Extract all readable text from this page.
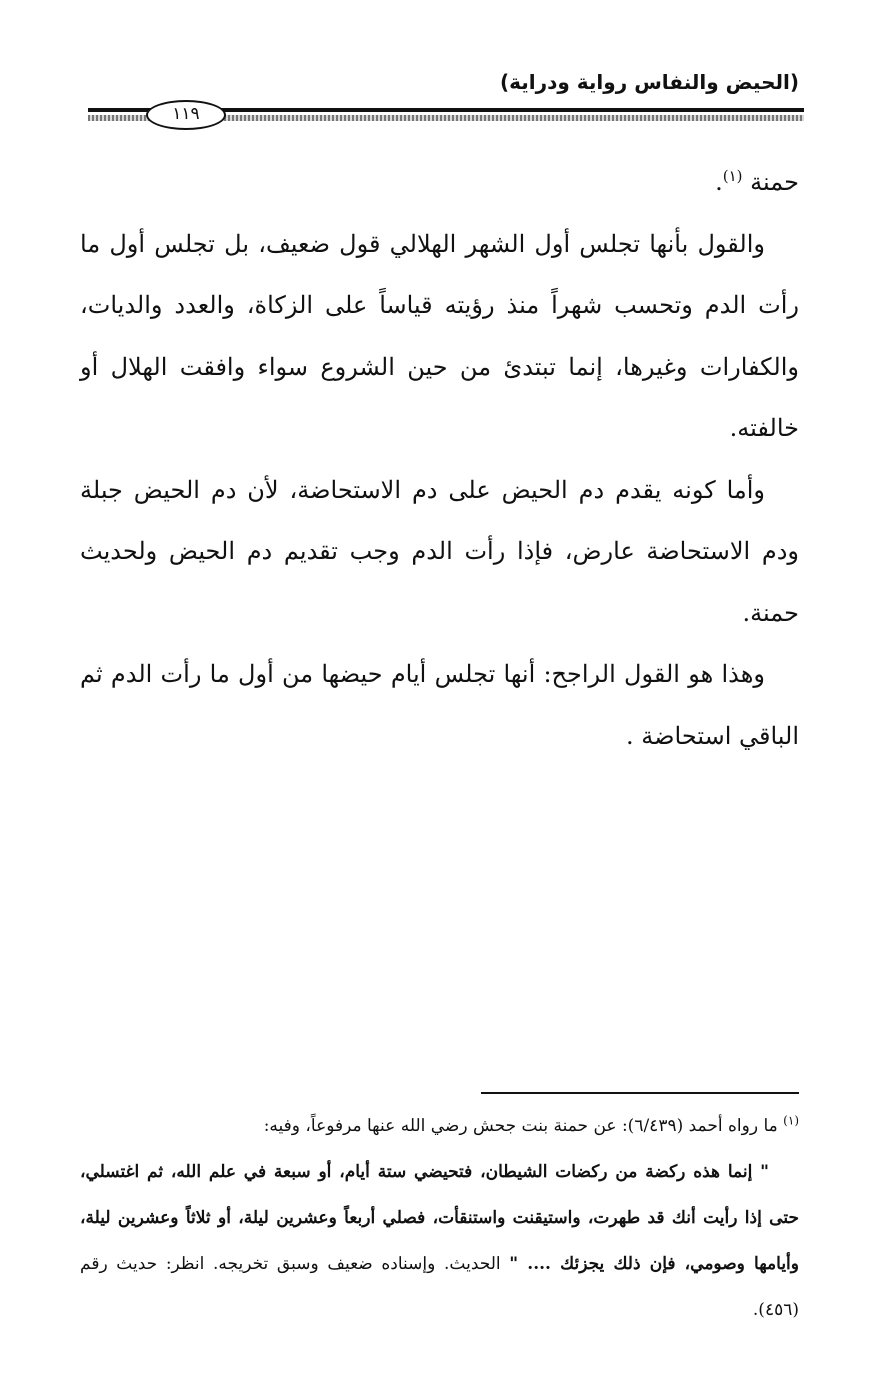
(الحيض والنفاس رواية ودراية)
١١٩

حمنة $^{(١)}$.

والقول بأنها تجلس أول الشهر الهلالي قول ضعيف، بل تجلس أول ما رأت الدم وتحسب شهراً منذ رؤيته قياساً على الزكاة، والعدد والديات، والكفارات وغيرها، إنما تبتدئ من حين الشروع سواء وافقت الهلال أو خالفته.

وأما كونه يقدم دم الحيض على دم الاستحاضة، لأن دم الحيض جبلة ودم الاستحاضة عارض، فإذا رأت الدم وجب تقديم دم الحيض ولحديث حمنة.

وهذا هو القول الراجح: أنها تجلس أيام حيضها من أول ما رأت الدم ثم الباقي استحاضة .

$^{(١)}$ ما رواه أحمد (٦/٤٣٩): عن حمنة بنت جحش رضي الله عنها مرفوعاً، وفيه:

" إنما هذه ركضة من ركضات الشيطان، فتحيضي ستة أيام، أو سبعة في علم الله، ثم اغتسلي، حتى إذا رأيت أنك قد طهرت، واستيقنت واستنقأت، فصلي أربعاً وعشرين ليلة، أو ثلاثاً وعشرين ليلة، وأيامها وصومي، فإن ذلك يجزئك .... " الحديث. وإسناده ضعيف وسبق تخريجه. انظر: حديث رقم (٤٥٦).
